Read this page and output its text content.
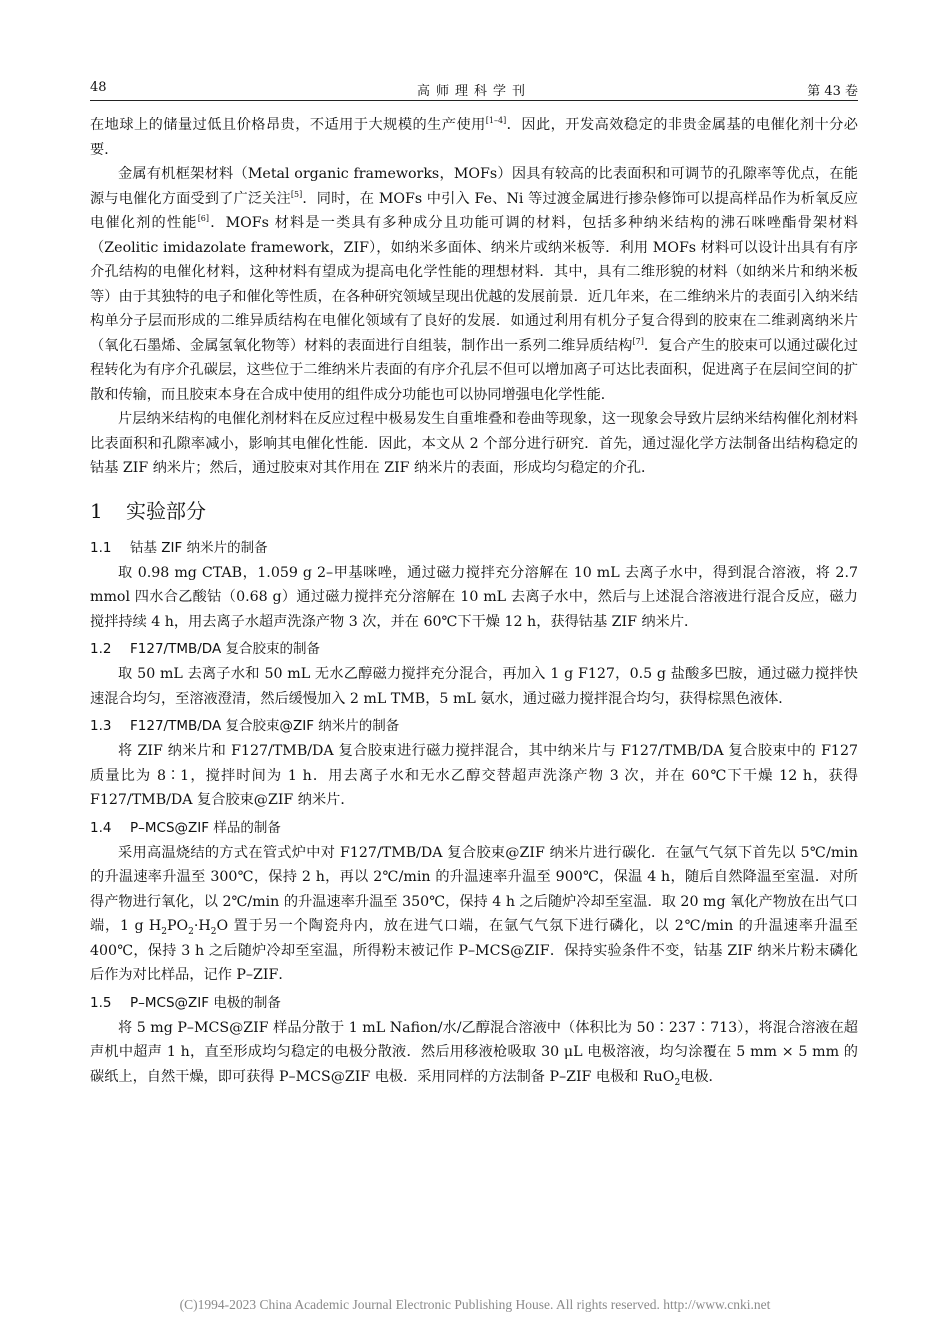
48	高师理科学刊	第 43 卷

在地球上的储量过低且价格昂贵，不适用于大规模的生产使用[1–4]．因此，开发高效稳定的非贵金属基的电催化剂十分必要．

金属有机框架材料（Metal organic frameworks，MOFs）因具有较高的比表面积和可调节的孔隙率等优点，在能源与电催化方面受到了广泛关注[5]．同时，在 MOFs 中引入 Fe、Ni 等过渡金属进行掺杂修饰可以提高样品作为析氧反应电催化剂的性能[6]．MOFs 材料是一类具有多种成分且功能可调的材料，包括多种纳米结构的沸石咪唑酯骨架材料（Zeolitic imidazolate framework，ZIF），如纳米多面体、纳米片或纳米板等．利用 MOFs 材料可以设计出具有有序介孔结构的电催化材料，这种材料有望成为提高电化学性能的理想材料．其中，具有二维形貌的材料（如纳米片和纳米板等）由于其独特的电子和催化等性质，在各种研究领域呈现出优越的发展前景．近几年来，在二维纳米片的表面引入纳米结构单分子层而形成的二维异质结构在电催化领域有了良好的发展．如通过利用有机分子复合得到的胶束在二维剥离纳米片（氧化石墨烯、金属氢氧化物等）材料的表面进行自组装，制作出一系列二维异质结构[7]．复合产生的胶束可以通过碳化过程转化为有序介孔碳层，这些位于二维纳米片表面的有序介孔层不但可以增加离子可达比表面积，促进离子在层间空间的扩散和传输，而且胶束本身在合成中使用的组件成分功能也可以协同增强电化学性能．

片层纳米结构的电催化剂材料在反应过程中极易发生自重堆叠和卷曲等现象，这一现象会导致片层纳米结构催化剂材料比表面积和孔隙率减小，影响其电催化性能．因此，本文从 2 个部分进行研究．首先，通过湿化学方法制备出结构稳定的钴基 ZIF 纳米片；然后，通过胶束对其作用在 ZIF 纳米片的表面，形成均匀稳定的介孔．

1 实验部分
1.1 钴基 ZIF 纳米片的制备

取 0.98 mg CTAB，1.059 g 2–甲基咪唑，通过磁力搅拌充分溶解在 10 mL 去离子水中，得到混合溶液，将 2.7 mmol 四水合乙酸钴（0.68 g）通过磁力搅拌充分溶解在 10 mL 去离子水中，然后与上述混合溶液进行混合反应，磁力搅拌持续 4 h，用去离子水超声洗涤产物 3 次，并在 60℃下干燥 12 h，获得钴基 ZIF 纳米片．

1.2 F127/TMB/DA 复合胶束的制备

取 50 mL 去离子水和 50 mL 无水乙醇磁力搅拌充分混合，再加入 1 g F127，0.5 g 盐酸多巴胺，通过磁力搅拌快速混合均匀，至溶液澄清，然后缓慢加入 2 mL TMB，5 mL 氨水，通过磁力搅拌混合均匀，获得棕黑色液体．

1.3 F127/TMB/DA 复合胶束@ZIF 纳米片的制备

将 ZIF 纳米片和 F127/TMB/DA 复合胶束进行磁力搅拌混合，其中纳米片与 F127/TMB/DA 复合胶束中的 F127 质量比为 8∶1，搅拌时间为 1 h．用去离子水和无水乙醇交替超声洗涤产物 3 次，并在 60℃下干燥 12 h，获得 F127/TMB/DA 复合胶束@ZIF 纳米片．

1.4 P–MCS@ZIF 样品的制备

采用高温烧结的方式在管式炉中对 F127/TMB/DA 复合胶束@ZIF 纳米片进行碳化．在氩气气氛下首先以 5℃/min 的升温速率升温至 300℃，保持 2 h，再以 2℃/min 的升温速率升温至 900℃，保温 4 h，随后自然降温至室温．对所得产物进行氧化，以 2℃/min 的升温速率升温至 350℃，保持 4 h 之后随炉冷却至室温．取 20 mg 氧化产物放在出气口端，1 g $H_2PO_2\cdot H_2O$ 置于另一个陶瓷舟内，放在进气口端，在氩气气氛下进行磷化，以 2℃/min 的升温速率升温至 400℃，保持 3 h 之后随炉冷却至室温，所得粉末被记作 P–MCS@ZIF．保持实验条件不变，钴基 ZIF 纳米片粉末磷化后作为对比样品，记作 P–ZIF．

1.5 P–MCS@ZIF 电极的制备

将 5 mg P–MCS@ZIF 样品分散于 1 mL Nafion/水/乙醇混合溶液中（体积比为 50∶237∶713），将混合溶液在超声机中超声 1 h，直至形成均匀稳定的电极分散液．然后用移液枪吸取 30 μL 电极溶液，均匀涂覆在 5 mm × 5 mm 的碳纸上，自然干燥，即可获得 P–MCS@ZIF 电极．采用同样的方法制备 P–ZIF 电极和 RuO$_2$电极．

(C)1994-2023 China Academic Journal Electronic Publishing House. All rights reserved. http://www.cnki.net
